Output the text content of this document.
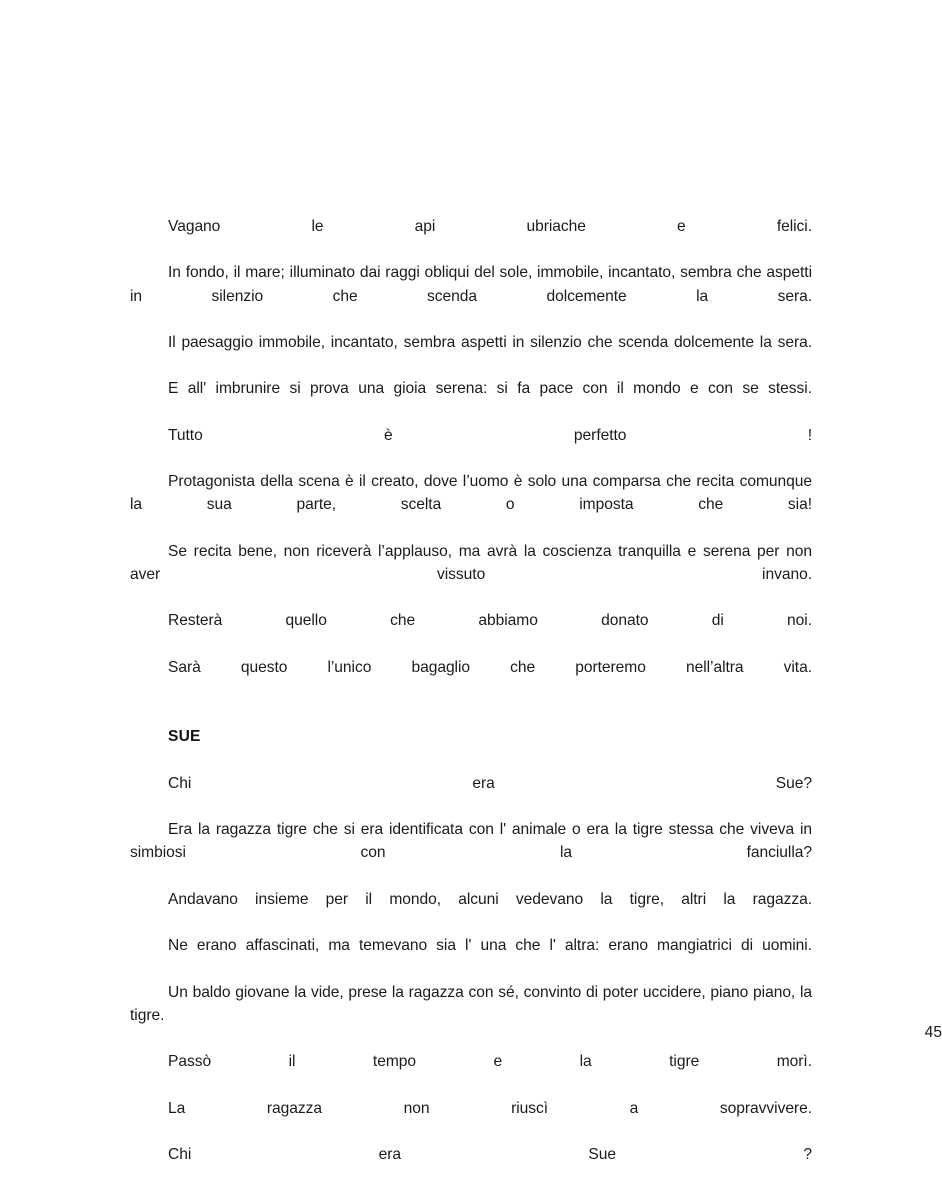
Vagano le api ubriache e felici.

In fondo, il mare; illuminato dai raggi obliqui del sole, immobile, incantato, sembra che aspetti in silenzio che scenda dolcemente la sera.

Il paesaggio immobile, incantato, sembra aspetti in silenzio che scenda dolcemente la sera.

E all' imbrunire si prova una gioia serena: si fa pace con il mondo e con se stessi.

Tutto è perfetto !

Protagonista della scena è il creato, dove l’uomo è solo una comparsa che recita comunque la sua parte, scelta o imposta che sia!

Se recita bene, non riceverà l’applauso, ma avrà la coscienza tranquilla e serena per non aver vissuto invano.

Resterà quello che abbiamo donato di noi.

Sarà questo l’unico bagaglio che porteremo nell’altra vita.

SUE

Chi era Sue?

Era la ragazza tigre che si era identificata con l' animale o era la tigre stessa che viveva in simbiosi con la fanciulla?

Andavano insieme per il mondo, alcuni vedevano la tigre, altri la ragazza.

Ne erano affascinati, ma temevano sia l' una che l' altra: erano mangiatrici di uomini.

Un baldo giovane la vide, prese la ragazza con sé, convinto di poter uccidere, piano piano, la tigre.

Passò il tempo e la tigre morì.

La ragazza non riuscì a sopravvivere.

Chi era Sue ?

45
